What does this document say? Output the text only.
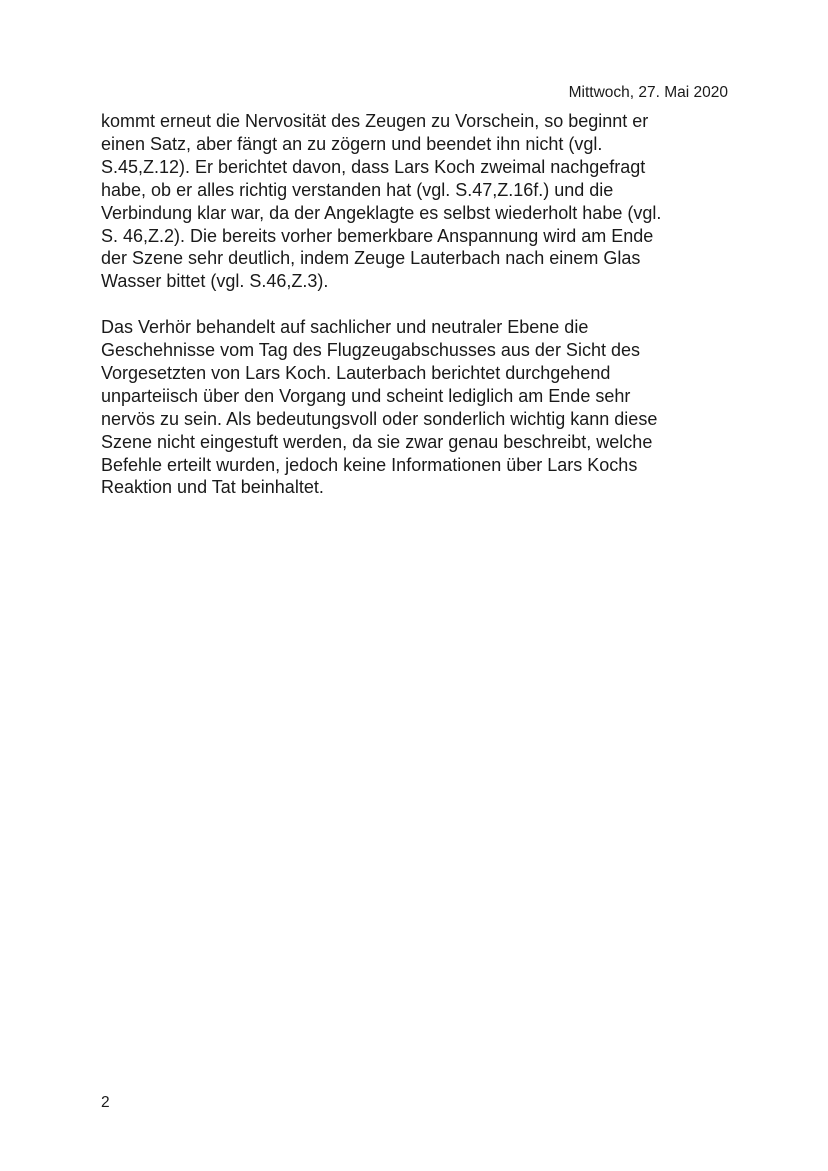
Mittwoch, 27. Mai 2020

kommt erneut die Nervosität des Zeugen zu Vorschein, so beginnt er
einen Satz, aber fängt an zu zögern und beendet ihn nicht (vgl.
S.45,Z.12). Er berichtet davon, dass Lars Koch zweimal nachgefragt
habe, ob er alles richtig verstanden hat (vgl. S.47,Z.16f.) und die
Verbindung klar war, da der Angeklagte es selbst wiederholt habe (vgl.
S. 46,Z.2). Die bereits vorher bemerkbare Anspannung wird am Ende
der Szene sehr deutlich, indem Zeuge Lauterbach nach einem Glas
Wasser bittet (vgl. S.46,Z.3).

Das Verhör behandelt auf sachlicher und neutraler Ebene die
Geschehnisse vom Tag des Flugzeugabschusses aus der Sicht des
Vorgesetzten von Lars Koch. Lauterbach berichtet durchgehend
unparteiisch über den Vorgang und scheint lediglich am Ende sehr
nervös zu sein. Als bedeutungsvoll oder sonderlich wichtig kann diese
Szene nicht eingestuft werden, da sie zwar genau beschreibt, welche
Befehle erteilt wurden, jedoch keine Informationen über Lars Kochs
Reaktion und Tat beinhaltet.

2
